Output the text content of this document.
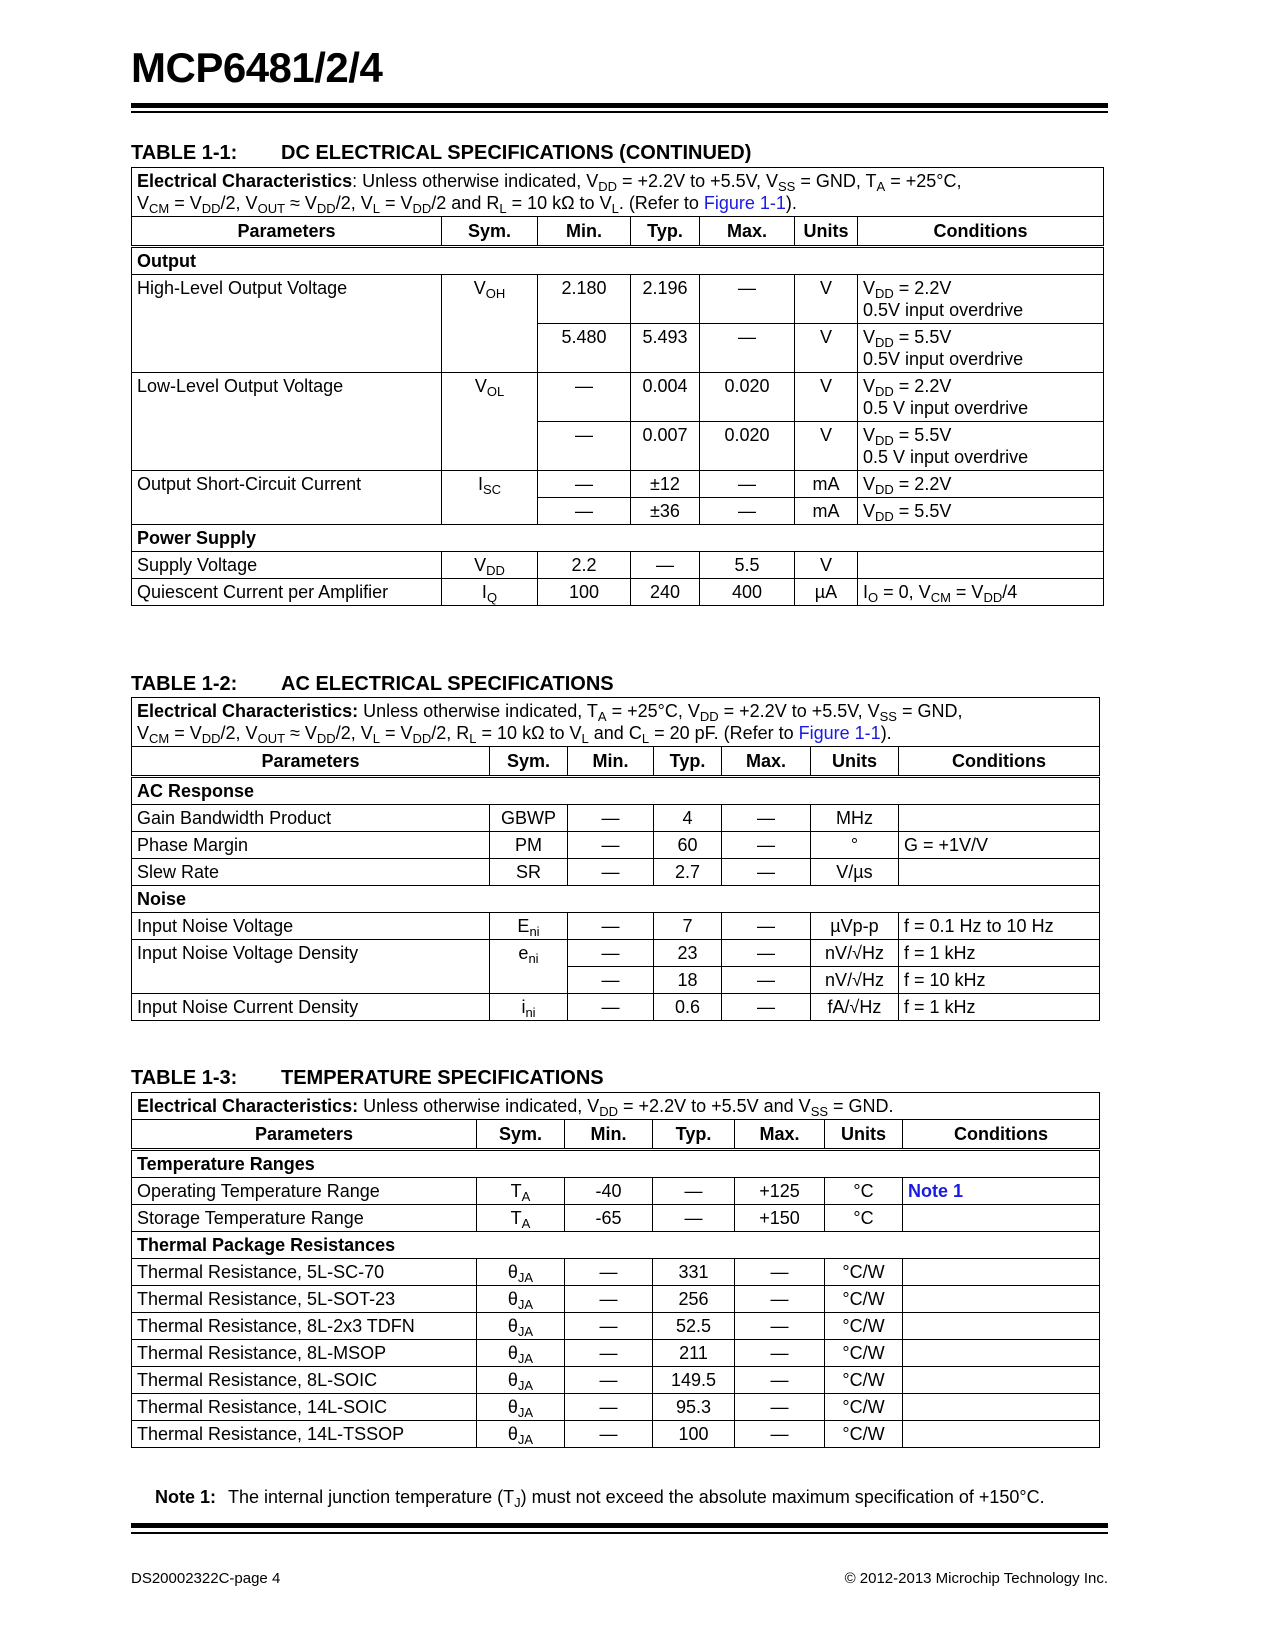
MCP6481/2/4
TABLE 1-1: DC ELECTRICAL SPECIFICATIONS (CONTINUED)
Electrical Characteristics: Unless otherwise indicated, $V_{DD} = +2.2V$ to +5.5V, $V_{SS}$ = GND, $T_A = +25^\circ C$,
$V_{CM} = V_{DD}/2$, $V_{OUT} \approx V_{DD}/2$, $V_L = V_{DD}/2$ and $R_L = 10$ kΩ to $V_L$. (Refer to Figure 1-1).						
Parameters	Sym.	Min.	Typ.	Max.	Units	Conditions
Output						
High-Level Output Voltage	$V_{OH}$	2.180	2.196	—	V	$V_{DD} = 2.2V$
0.5V input overdrive
		5.480	5.493	—	V	$V_{DD} = 5.5V$
0.5V input overdrive
Low-Level Output Voltage	$V_{OL}$	—	0.004	0.020	V	$V_{DD} = 2.2V$
0.5 V input overdrive
		—	0.007	0.020	V	$V_{DD} = 5.5V$
0.5 V input overdrive
Output Short-Circuit Current	$I_{SC}$	—	±12	—	mA	$V_{DD} = 2.2V$
		—	±36	—	mA	$V_{DD} = 5.5V$
Power Supply						
Supply Voltage	$V_{DD}$	2.2	—	5.5	V	
Quiescent Current per Amplifier	$I_Q$	100	240	400	µA	$I_O = 0$, $V_{CM} = V_{DD}/4$
TABLE 1-2: AC ELECTRICAL SPECIFICATIONS
Electrical Characteristics: Unless otherwise indicated, $T_A = +25^\circ C$, $V_{DD} = +2.2V$ to +5.5V, $V_{SS}$ = GND,
$V_{CM} = V_{DD}/2$, $V_{OUT} \approx V_{DD}/2$, $V_L = V_{DD}/2$, $R_L = 10$ kΩ to $V_L$ and $C_L = 20$ pF. (Refer to Figure 1-1).						
Parameters	Sym.	Min.	Typ.	Max.	Units	Conditions
AC Response						
Gain Bandwidth Product	GBWP	—	4	—	MHz	
Phase Margin	PM	—	60	—	°	G = +1V/V
Slew Rate	SR	—	2.7	—	V/µs	
Noise						
Input Noise Voltage	$E_{ni}$	—	7	—	µVp-p	f = 0.1 Hz to 10 Hz
Input Noise Voltage Density	$e_{ni}$	—	23	—	nV/√Hz	f = 1 kHz
		—	18	—	nV/√Hz	f = 10 kHz
Input Noise Current Density	$i_{ni}$	—	0.6	—	fA/√Hz	f = 1 kHz
TABLE 1-3: TEMPERATURE SPECIFICATIONS
Electrical Characteristics: Unless otherwise indicated, $V_{DD} = +2.2V$ to +5.5V and $V_{SS}$ = GND.						
Parameters	Sym.	Min.	Typ.	Max.	Units	Conditions
Temperature Ranges						
Operating Temperature Range	$T_A$	-40	—	+125	°C	Note 1
Storage Temperature Range	$T_A$	-65	—	+150	°C	
Thermal Package Resistances						
Thermal Resistance, 5L-SC-70	$\theta_{JA}$	—	331	—	°C/W	
Thermal Resistance, 5L-SOT-23	$\theta_{JA}$	—	256	—	°C/W	
Thermal Resistance, 8L-2x3 TDFN	$\theta_{JA}$	—	52.5	—	°C/W	
Thermal Resistance, 8L-MSOP	$\theta_{JA}$	—	211	—	°C/W	
Thermal Resistance, 8L-SOIC	$\theta_{JA}$	—	149.5	—	°C/W	
Thermal Resistance, 14L-SOIC	$\theta_{JA}$	—	95.3	—	°C/W	
Thermal Resistance, 14L-TSSOP	$\theta_{JA}$	—	100	—	°C/W	
Note 1: The internal junction temperature $(T_J)$ must not exceed the absolute maximum specification of +150°C.
DS20002322C-page 4	© 2012-2013 Microchip Technology Inc.
